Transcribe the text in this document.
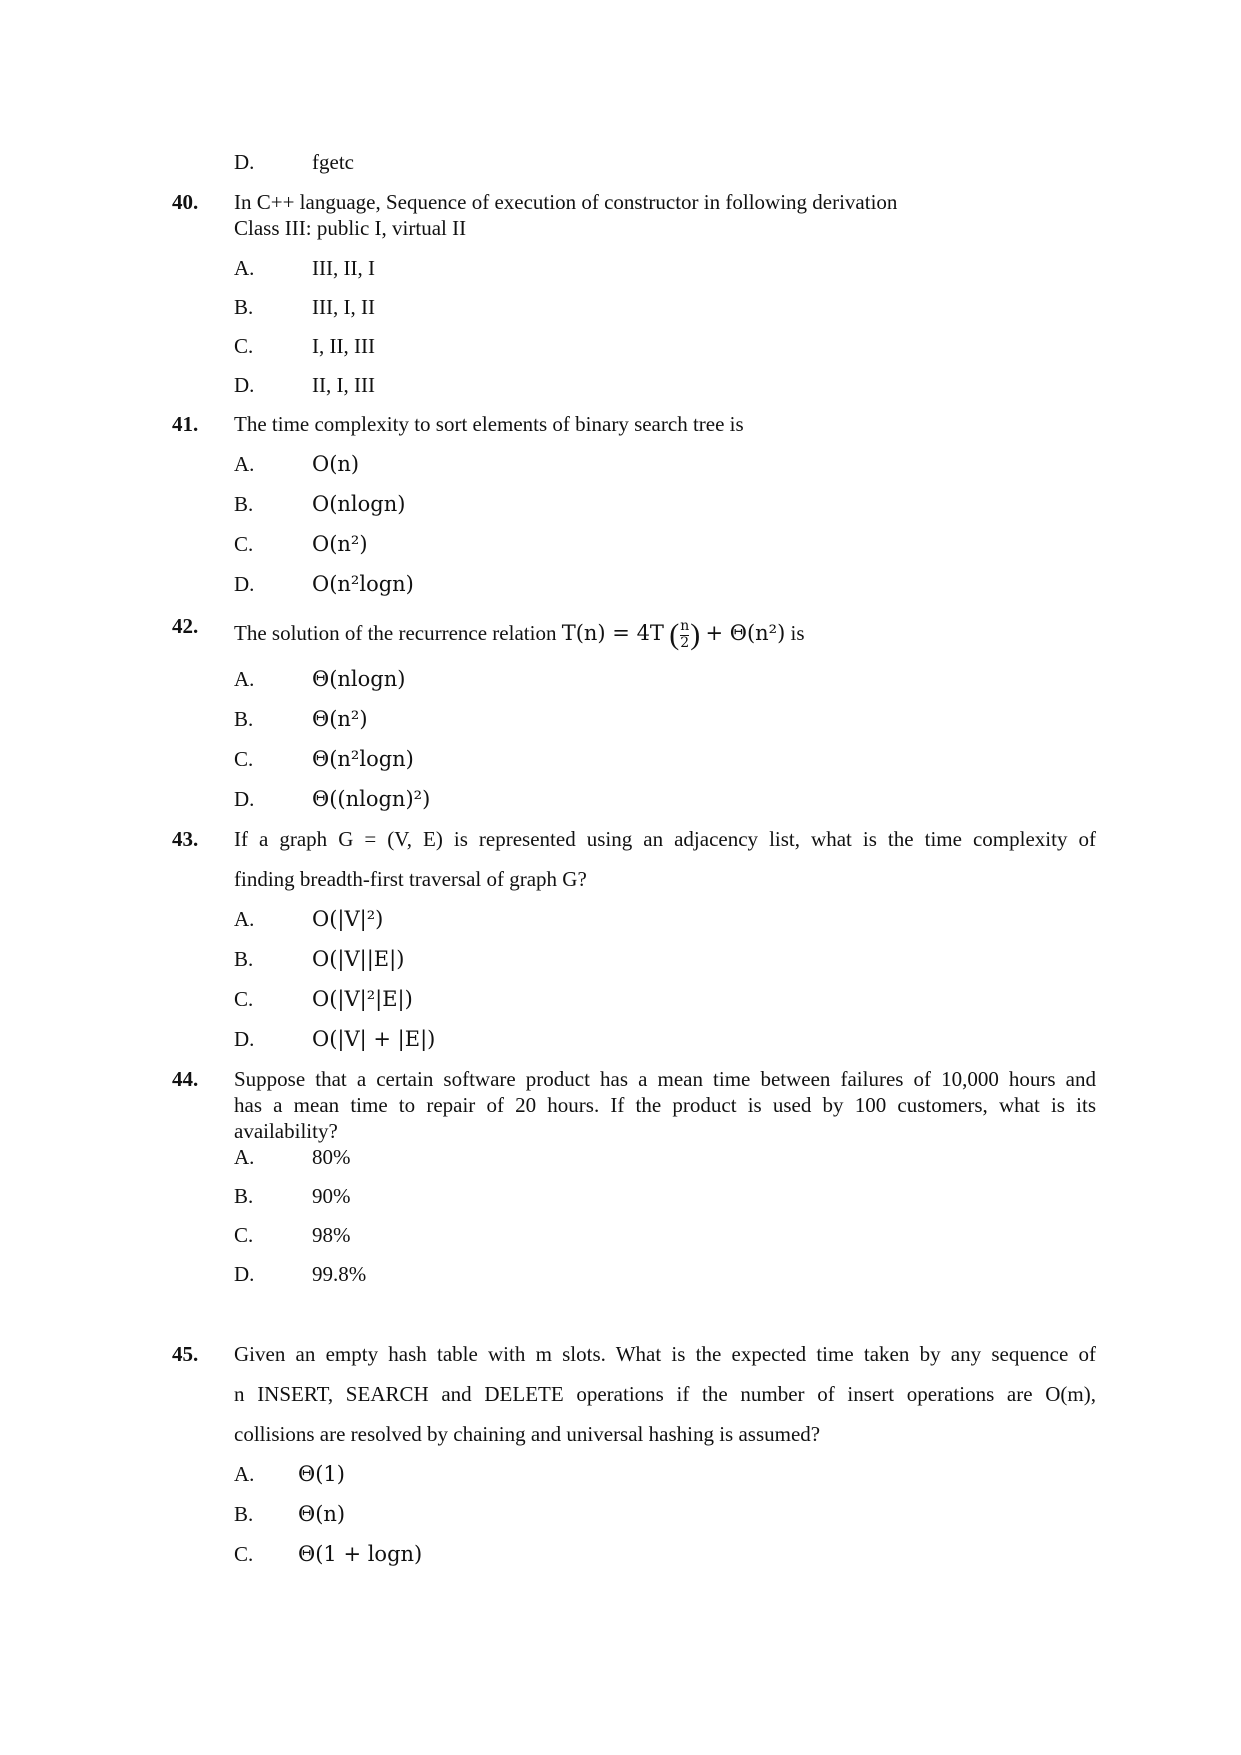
D.	fgetc
40. In C++ language, Sequence of execution of constructor in following derivation
Class III: public I, virtual II
A.	III, II, I
B.	III, I, II
C.	I, II, III
D.	II, I, III
41. The time complexity to sort elements of binary search tree is
A.	O(n)
B.	O(nlogn)
C.	O(n²)
D.	O(n²logn)
42. The solution of the recurrence relation T(n) = 4T ($\frac{n}{2}$ ) + Θ(n²) is
A.	Θ(nlogn)
B.	Θ(n²)
C.	Θ(n²logn)
D.	Θ((nlogn)²)
43. If a graph G = (V, E) is represented using an adjacency list, what is the time complexity of
finding breadth-first traversal of graph G?
A.	O(|V|²)
B.	O(|V||E|)
C.	O(|V|²|E|)
D.	O(|V| + |E|)
44. Suppose that a certain software product has a mean time between failures of 10,000 hours and
has a mean time to repair of 20 hours. If the product is used by 100 customers, what is its
availability?
A.	80%
B.	90%
C.	98%
D.	99.8%
45. Given an empty hash table with m slots. What is the expected time taken by any sequence of
n INSERT, SEARCH and DELETE operations if the number of insert operations are O(m),
collisions are resolved by chaining and universal hashing is assumed?
A. Θ(1)
B. Θ(n)
C. Θ(1 + logn)
